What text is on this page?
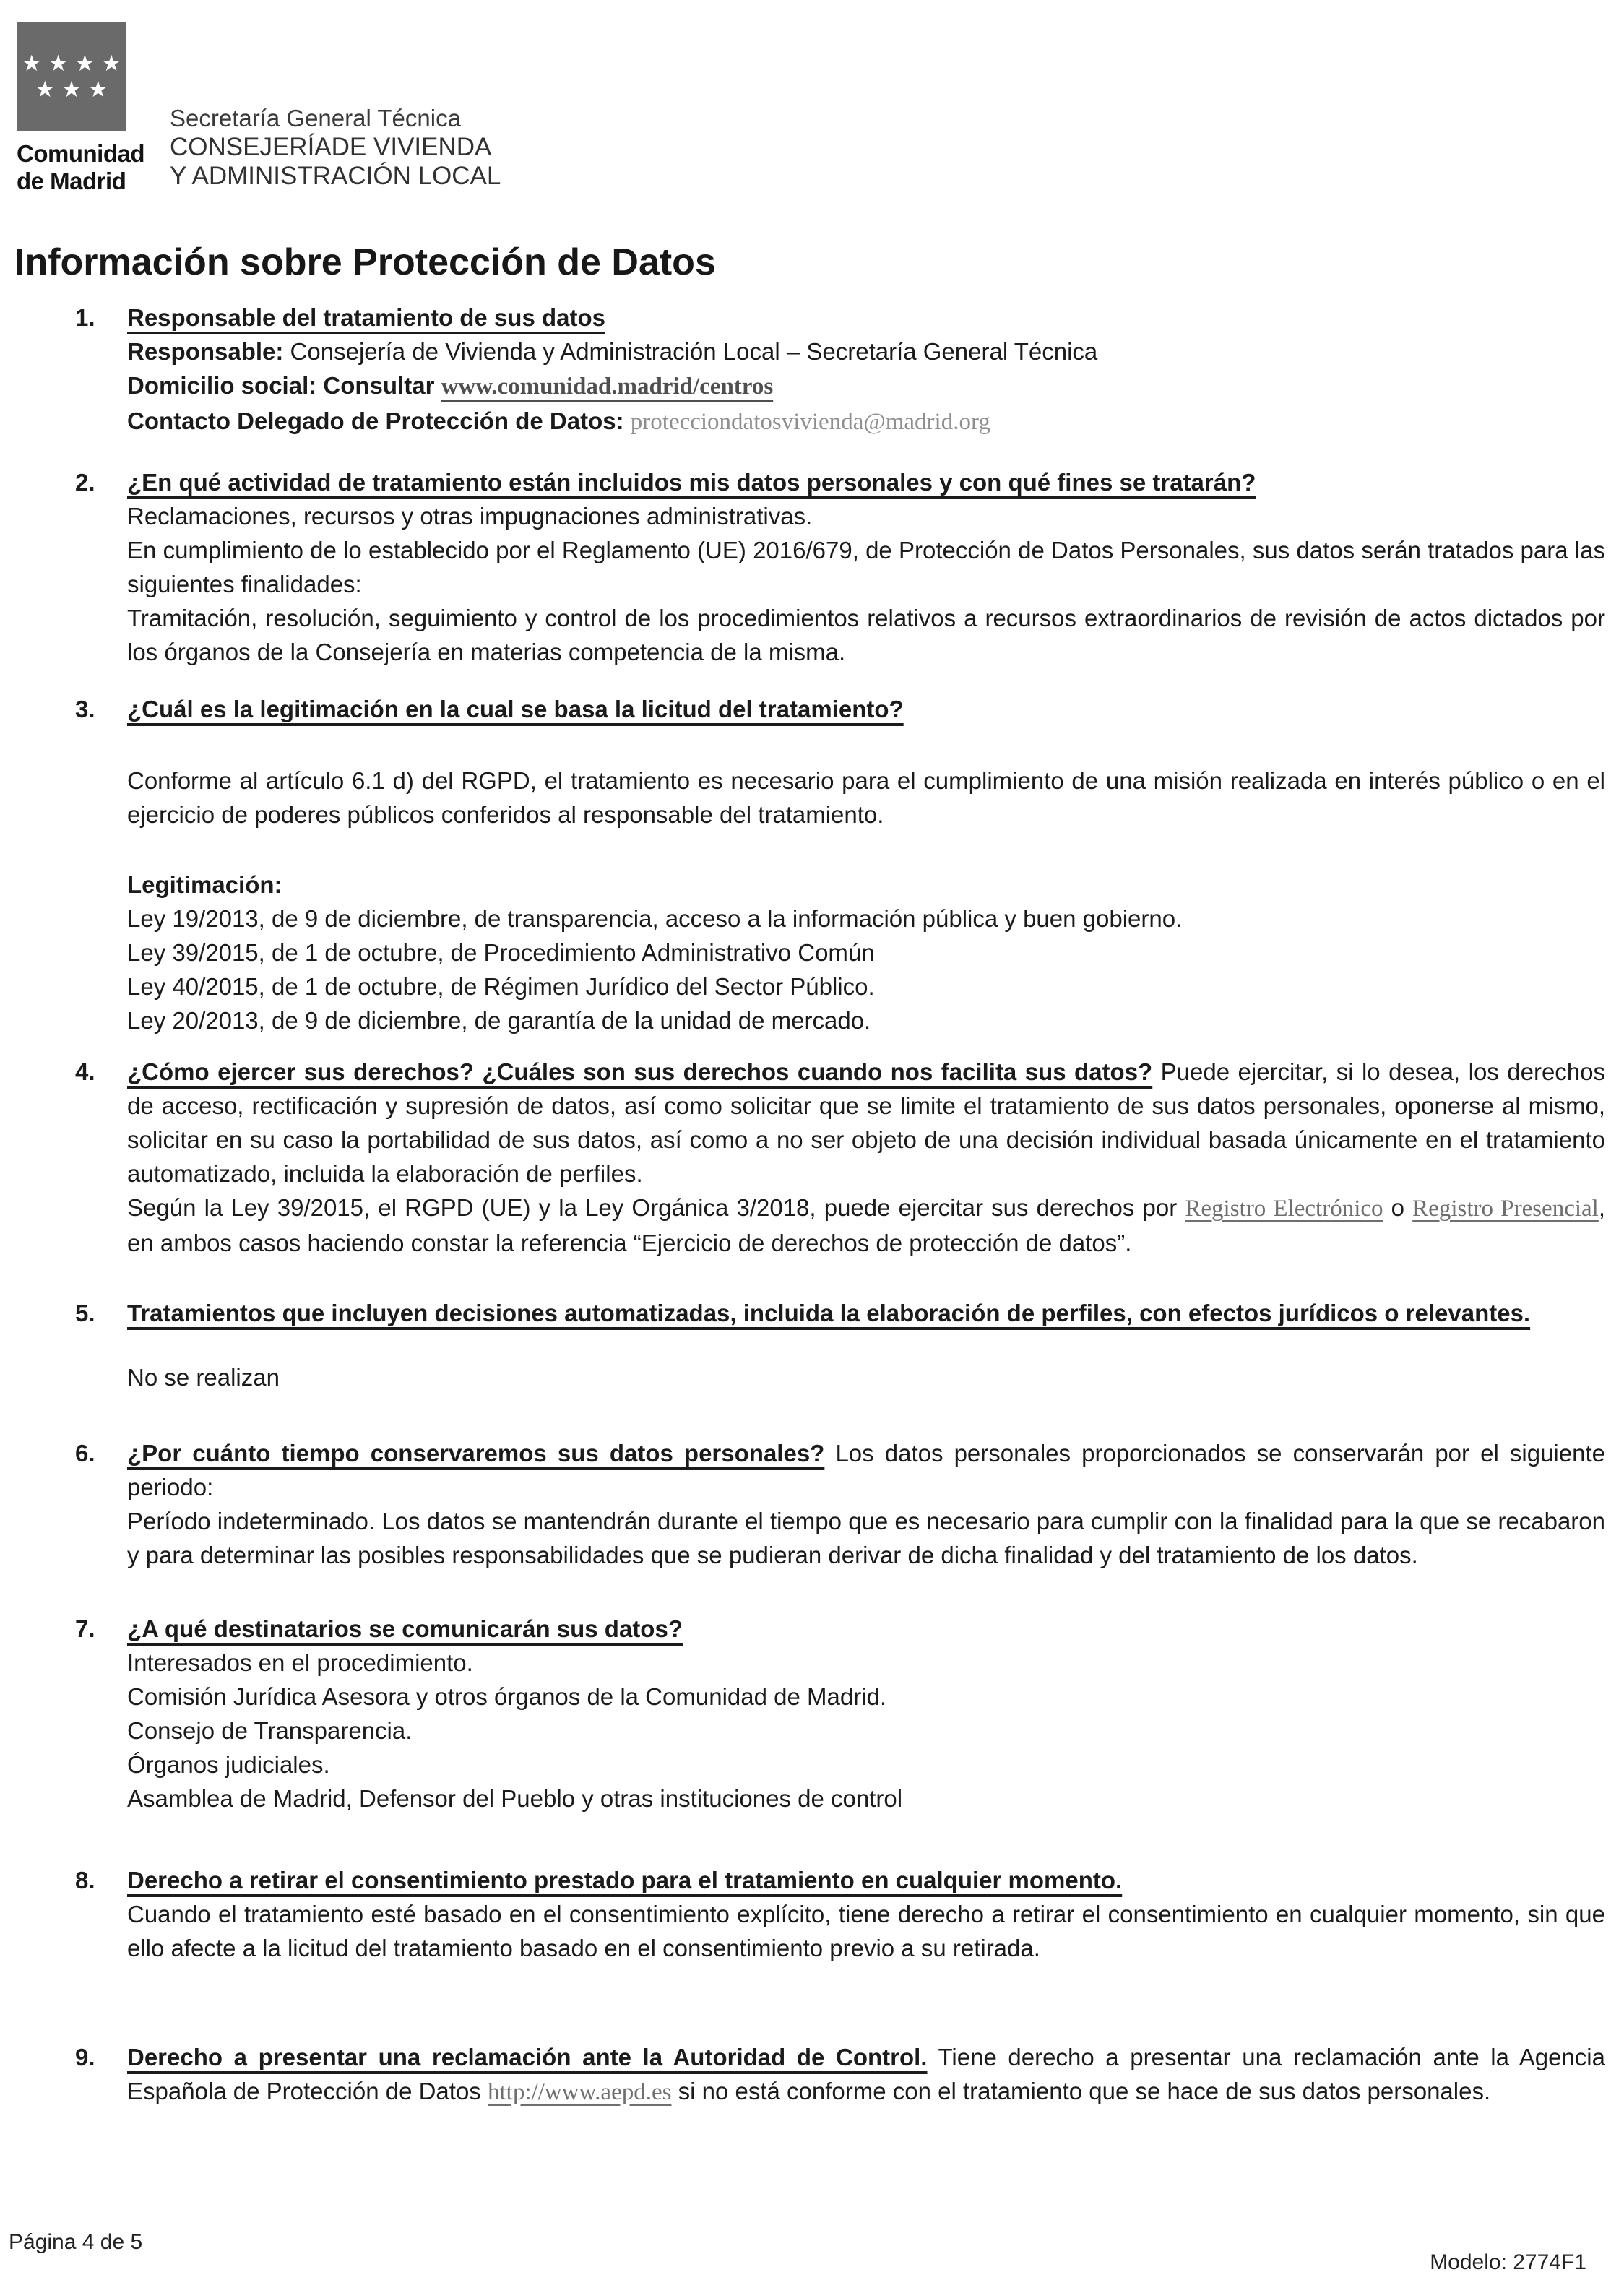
★★★★
★★★
Comunidad
de Madrid
Secretaría General Técnica
CONSEJERÍADE VIVIENDA
Y ADMINISTRACIÓN LOCAL
Información sobre Protección de Datos
1.	Responsable del tratamiento de sus datos

Responsable: Consejería de Vivienda y Administración Local – Secretaría General Técnica

Domicilio social: Consultar www.comunidad.madrid/centros

Contacto Delegado de Protección de Datos: protecciondatosvivienda@madrid.org

2.	¿En qué actividad de tratamiento están incluidos mis datos personales y con qué fines se tratarán?

Reclamaciones, recursos y otras impugnaciones administrativas.

En cumplimiento de lo establecido por el Reglamento (UE) 2016/679, de Protección de Datos Personales, sus datos serán tratados para las siguientes finalidades:

Tramitación, resolución, seguimiento y control de los procedimientos relativos a recursos extraordinarios de revisión de actos dictados por los órganos de la Consejería en materias competencia de la misma.

3.	¿Cuál es la legitimación en la cual se basa la licitud del tratamiento?

Conforme al artículo 6.1 d) del RGPD, el tratamiento es necesario para el cumplimiento de una misión realizada en interés público o en el ejercicio de poderes públicos conferidos al responsable del tratamiento.

Legitimación:

Ley 19/2013, de 9 de diciembre, de transparencia, acceso a la información pública y buen gobierno.

Ley 39/2015, de 1 de octubre, de Procedimiento Administrativo Común

Ley 40/2015, de 1 de octubre, de Régimen Jurídico del Sector Público.

Ley 20/2013, de 9 de diciembre, de garantía de la unidad de mercado.

4.	¿Cómo ejercer sus derechos? ¿Cuáles son sus derechos cuando nos facilita sus datos? Puede ejercitar, si lo desea, los derechos de acceso, rectificación y supresión de datos, así como solicitar que se limite el tratamiento de sus datos personales, oponerse al mismo, solicitar en su caso la portabilidad de sus datos, así como a no ser objeto de una decisión individual basada únicamente en el tratamiento automatizado, incluida la elaboración de perfiles.

Según la Ley 39/2015, el RGPD (UE) y la Ley Orgánica 3/2018, puede ejercitar sus derechos por Registro Electrónico o Registro Presencial, en ambos casos haciendo constar la referencia “Ejercicio de derechos de protección de datos”.

5.	Tratamientos que incluyen decisiones automatizadas, incluida la elaboración de perfiles, con efectos jurídicos o relevantes.

No se realizan

6.	¿Por cuánto tiempo conservaremos sus datos personales? Los datos personales proporcionados se conservarán por el siguiente periodo:

Período indeterminado. Los datos se mantendrán durante el tiempo que es necesario para cumplir con la finalidad para la que se recabaron y para determinar las posibles responsabilidades que se pudieran derivar de dicha finalidad y del tratamiento de los datos.

7.	¿A qué destinatarios se comunicarán sus datos?

Interesados en el procedimiento.

Comisión Jurídica Asesora y otros órganos de la Comunidad de Madrid.

Consejo de Transparencia.

Órganos judiciales.

Asamblea de Madrid, Defensor del Pueblo y otras instituciones de control

8.	Derecho a retirar el consentimiento prestado para el tratamiento en cualquier momento.

Cuando el tratamiento esté basado en el consentimiento explícito, tiene derecho a retirar el consentimiento en cualquier momento, sin que ello afecte a la licitud del tratamiento basado en el consentimiento previo a su retirada.

9.	Derecho a presentar una reclamación ante la Autoridad de Control. Tiene derecho a presentar una reclamación ante la Agencia Española de Protección de Datos http://www.aepd.es si no está conforme con el tratamiento que se hace de sus datos personales.

Página 4 de 5
Modelo: 2774F1
